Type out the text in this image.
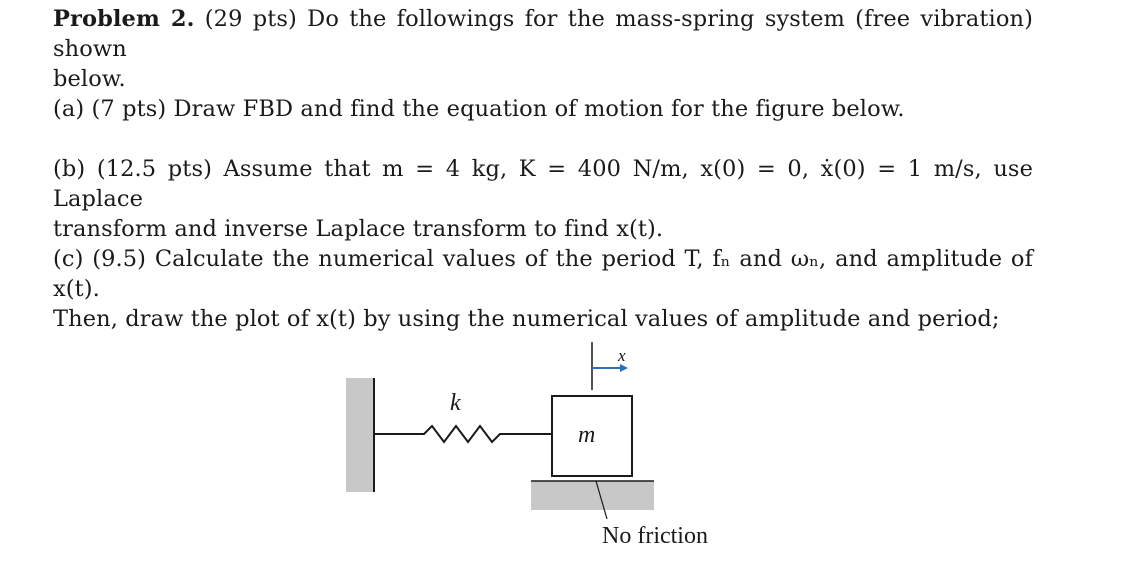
Problem 2. (29 pts) Do the followings for the mass-spring system (free vibration) shown
below.
(a) (7 pts) Draw FBD and find the equation of motion for the figure below.
(b) (12.5 pts) Assume that m = 4 kg, K = 400 N/m, x(0) = 0, ẋ(0) = 1 m/s, use Laplace
transform and inverse Laplace transform to find x(t).
(c) (9.5) Calculate the numerical values of the period T, fₙ and ωₙ, and amplitude of x(t).
Then, draw the plot of x(t) by using the numerical values of amplitude and period;
k
m
x
No friction
